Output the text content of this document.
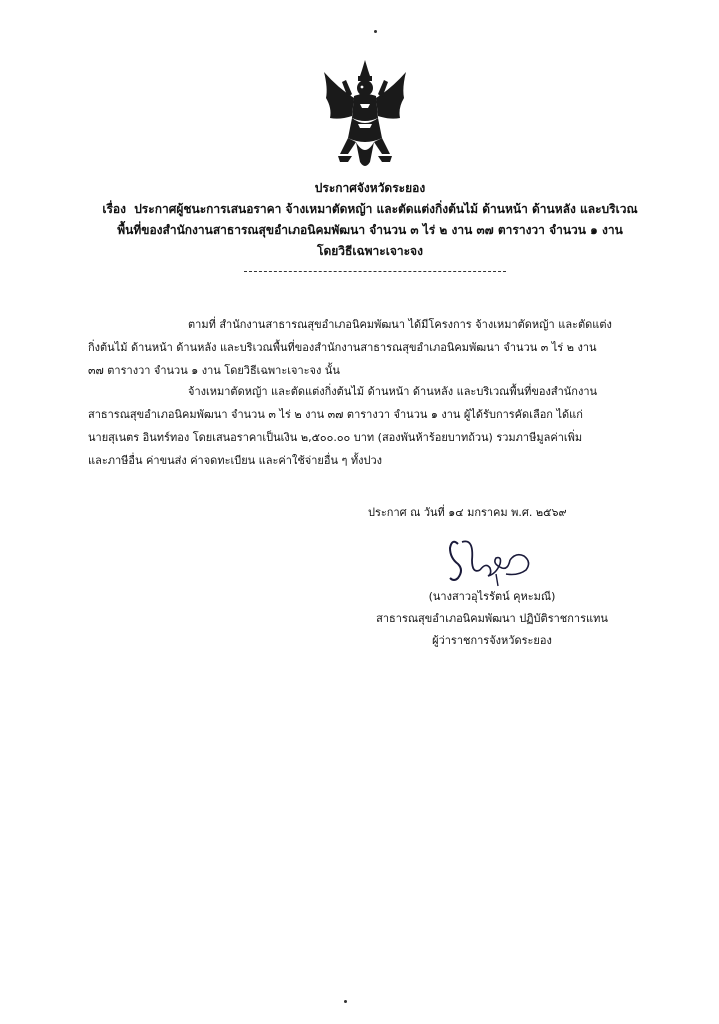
ประกาศจังหวัดระยอง
เรื่อง ประกาศผู้ชนะการเสนอราคา จ้างเหมาตัดหญ้า และตัดแต่งกิ่งต้นไม้ ด้านหน้า ด้านหลัง และบริเวณ
พื้นที่ของสำนักงานสาธารณสุขอำเภอนิคมพัฒนา จำนวน ๓ ไร่ ๒ งาน ๓๗ ตารางวา จำนวน ๑ งาน
โดยวิธีเฉพาะเจาะจง
ตามที่ สำนักงานสาธารณสุขอำเภอนิคมพัฒนา ได้มีโครงการ จ้างเหมาตัดหญ้า และตัดแต่ง
กิ่งต้นไม้ ด้านหน้า ด้านหลัง และบริเวณพื้นที่ของสำนักงานสาธารณสุขอำเภอนิคมพัฒนา จำนวน ๓ ไร่ ๒ งาน
๓๗ ตารางวา จำนวน ๑ งาน โดยวิธีเฉพาะเจาะจง นั้น
จ้างเหมาตัดหญ้า และตัดแต่งกิ่งต้นไม้ ด้านหน้า ด้านหลัง และบริเวณพื้นที่ของสำนักงาน
สาธารณสุขอำเภอนิคมพัฒนา จำนวน ๓ ไร่ ๒ งาน ๓๗ ตารางวา จำนวน ๑ งาน ผู้ได้รับการคัดเลือก ได้แก่
นายสุเนตร อินทร์ทอง โดยเสนอราคาเป็นเงิน ๒,๕๐๐.๐๐ บาท (สองพันห้าร้อยบาทถ้วน) รวมภาษีมูลค่าเพิ่ม
และภาษีอื่น ค่าขนส่ง ค่าจดทะเบียน และค่าใช้จ่ายอื่น ๆ ทั้งปวง
ประกาศ ณ วันที่ ๑๔ มกราคม พ.ศ. ๒๕๖๙
(นางสาวอุไรรัตน์ คุหะมณี)
สาธารณสุขอำเภอนิคมพัฒนา ปฏิบัติราชการแทน
ผู้ว่าราชการจังหวัดระยอง
